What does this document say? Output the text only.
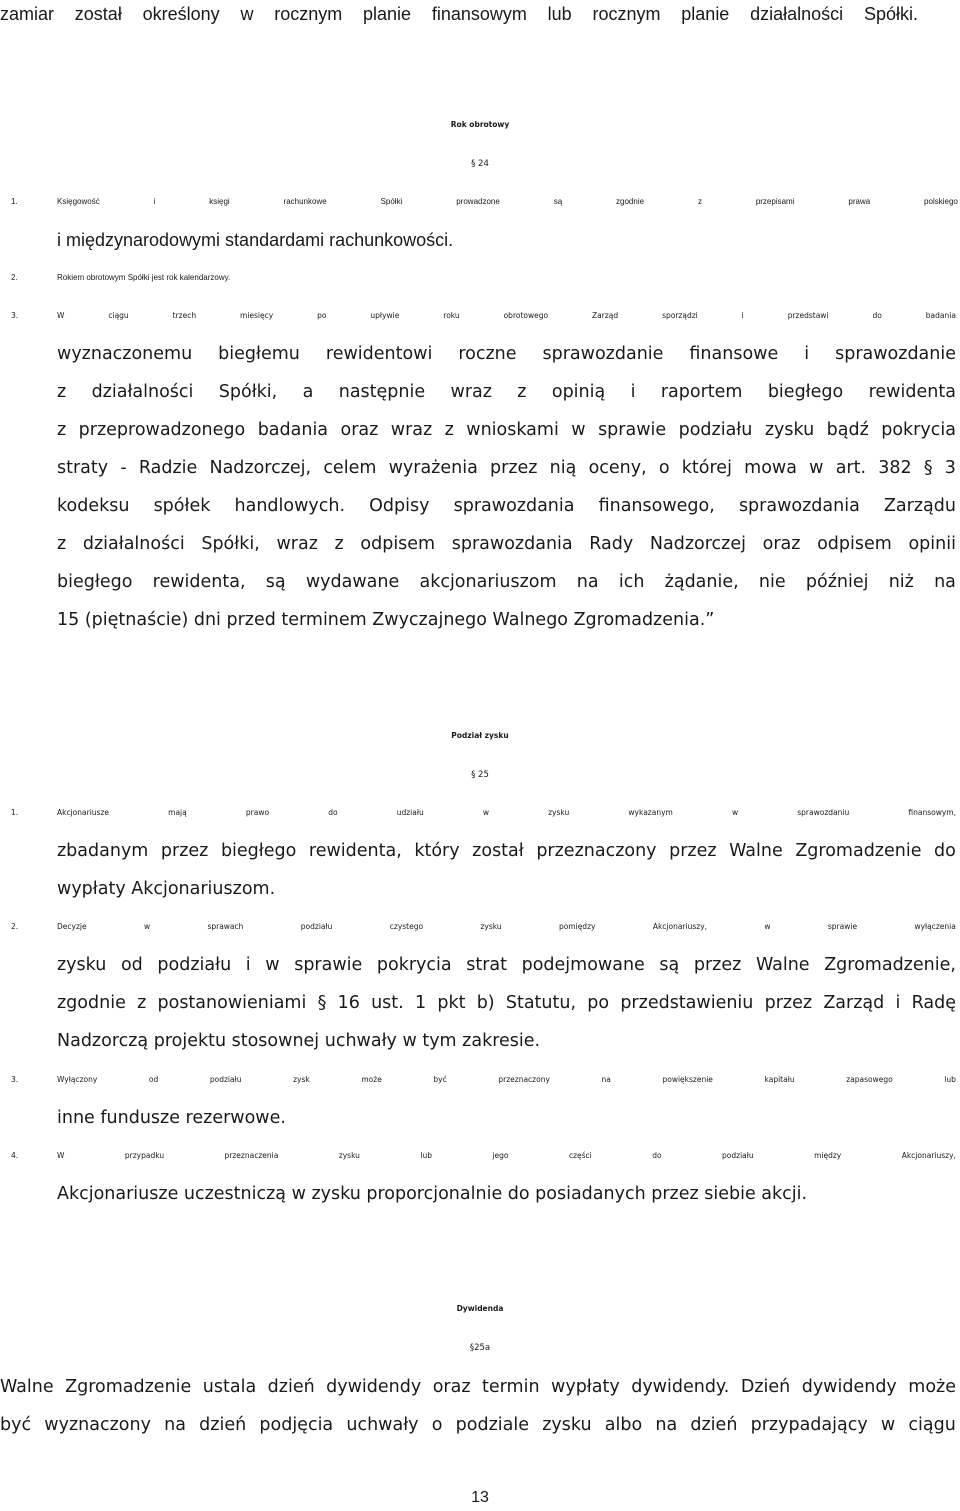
zamiar został określony w rocznym planie finansowym lub rocznym planie działalności Spółki.
Rok obrotowy
§ 24
1.	Księgowość	i	księgi	rachunkowe	Spółki	prowadzone	są	zgodnie	z	przepisami	prawa	polskiego
i międzynarodowymi standardami rachunkowości.
2.	Rokiem obrotowym Spółki jest rok kalendarzowy.
3.	W	ciągu	trzech	miesięcy	po	upływie	roku	obrotowego	Zarząd	sporządzi	i	przedstawi	do	badania
wyznaczonemu biegłemu rewidentowi roczne sprawozdanie finansowe i sprawozdanie
z działalności Spółki, a następnie wraz z opinią i raportem biegłego rewidenta
z przeprowadzonego badania oraz wraz z wnioskami w sprawie podziału zysku bądź pokrycia
straty - Radzie Nadzorczej, celem wyrażenia przez nią oceny, o której mowa w art. 382 § 3
kodeksu spółek handlowych. Odpisy sprawozdania finansowego, sprawozdania Zarządu
z działalności Spółki, wraz z odpisem sprawozdania Rady Nadzorczej oraz odpisem opinii
biegłego rewidenta, są wydawane akcjonariuszom na ich żądanie, nie później niż na
15 (piętnaście) dni przed terminem Zwyczajnego Walnego Zgromadzenia.”
Podział zysku
§ 25
1.	Akcjonariusze	mają	prawo	do	udziału	w	zysku	wykazanym	w	sprawozdaniu	finansowym,
zbadanym przez biegłego rewidenta, który został przeznaczony przez Walne Zgromadzenie do
wypłaty Akcjonariuszom.
2.	Decyzje	w	sprawach	podziału	czystego	zysku	pomiędzy	Akcjonariuszy,	w	sprawie	wyłączenia
zysku od podziału i w sprawie pokrycia strat podejmowane są przez Walne Zgromadzenie,
zgodnie z postanowieniami § 16 ust. 1 pkt b) Statutu, po przedstawieniu przez Zarząd i Radę
Nadzorczą projektu stosownej uchwały w tym zakresie.
3.	Wyłączony	od	podziału	zysk	może	być	przeznaczony	na	powiększenie	kapitału	zapasowego	lub
inne fundusze rezerwowe.
4.	W	przypadku	przeznaczenia	zysku	lub	jego	części	do	podziału	między	Akcjonariuszy,
Akcjonariusze uczestniczą w zysku proporcjonalnie do posiadanych przez siebie akcji.
Dywidenda
§25a
Walne Zgromadzenie ustala dzień dywidendy oraz termin wypłaty dywidendy. Dzień dywidendy może
być wyznaczony na dzień podjęcia uchwały o podziale zysku albo na dzień przypadający w ciągu
13
